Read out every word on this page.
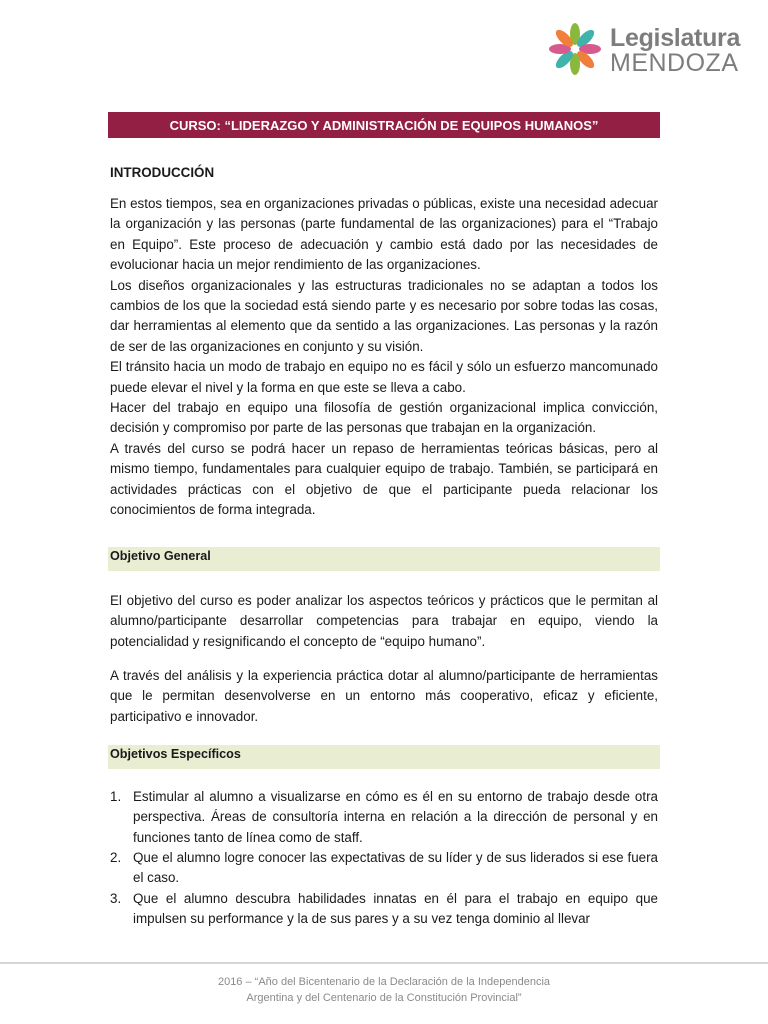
Legislatura
MENDOZA
CURSO: “LIDERAZGO Y ADMINISTRACIÓN DE EQUIPOS HUMANOS”
INTRODUCCIÓN

En estos tiempos, sea en organizaciones privadas o públicas, existe una necesidad adecuar la organización y las personas (parte fundamental de las organizaciones) para el “Trabajo en Equipo”. Este proceso de adecuación y cambio está dado por las necesidades de evolucionar hacia un mejor rendimiento de las organizaciones.

Los diseños organizacionales y las estructuras tradicionales no se adaptan a todos los cambios de los que la sociedad está siendo parte y es necesario por sobre todas las cosas, dar herramientas al elemento que da sentido a las organizaciones. Las personas y la razón de ser de las organizaciones en conjunto y su visión.

El tránsito hacia un modo de trabajo en equipo no es fácil y sólo un esfuerzo mancomunado puede elevar el nivel y la forma en que este se lleva a cabo.

Hacer del trabajo en equipo una filosofía de gestión organizacional implica convicción, decisión y compromiso por parte de las personas que trabajan en la organización.

A través del curso se podrá hacer un repaso de herramientas teóricas básicas, pero al mismo tiempo, fundamentales para cualquier equipo de trabajo. También, se participará en actividades prácticas con el objetivo de que el participante pueda relacionar los conocimientos de forma integrada.

Objetivo General

El objetivo del curso es poder analizar los aspectos teóricos y prácticos que le permitan al alumno/participante desarrollar competencias para trabajar en equipo, viendo la potencialidad y resignificando el concepto de “equipo humano”.

A través del análisis y la experiencia práctica dotar al alumno/participante de herramientas que le permitan desenvolverse en un entorno más cooperativo, eficaz y eficiente, participativo e innovador.

Objetivos Específicos
1. Estimular al alumno a visualizarse en cómo es él en su entorno de trabajo desde otra perspectiva. Áreas de consultoría interna en relación a la dirección de personal y en funciones tanto de línea como de staff.
2. Que el alumno logre conocer las expectativas de su líder y de sus liderados si ese fuera el caso.
3. Que el alumno descubra habilidades innatas en él para el trabajo en equipo que impulsen su performance y la de sus pares y a su vez tenga dominio al llevar
2016 – “Año del Bicentenario de la Declaración de la Independencia
Argentina y del Centenario de la Constitución Provincial”
